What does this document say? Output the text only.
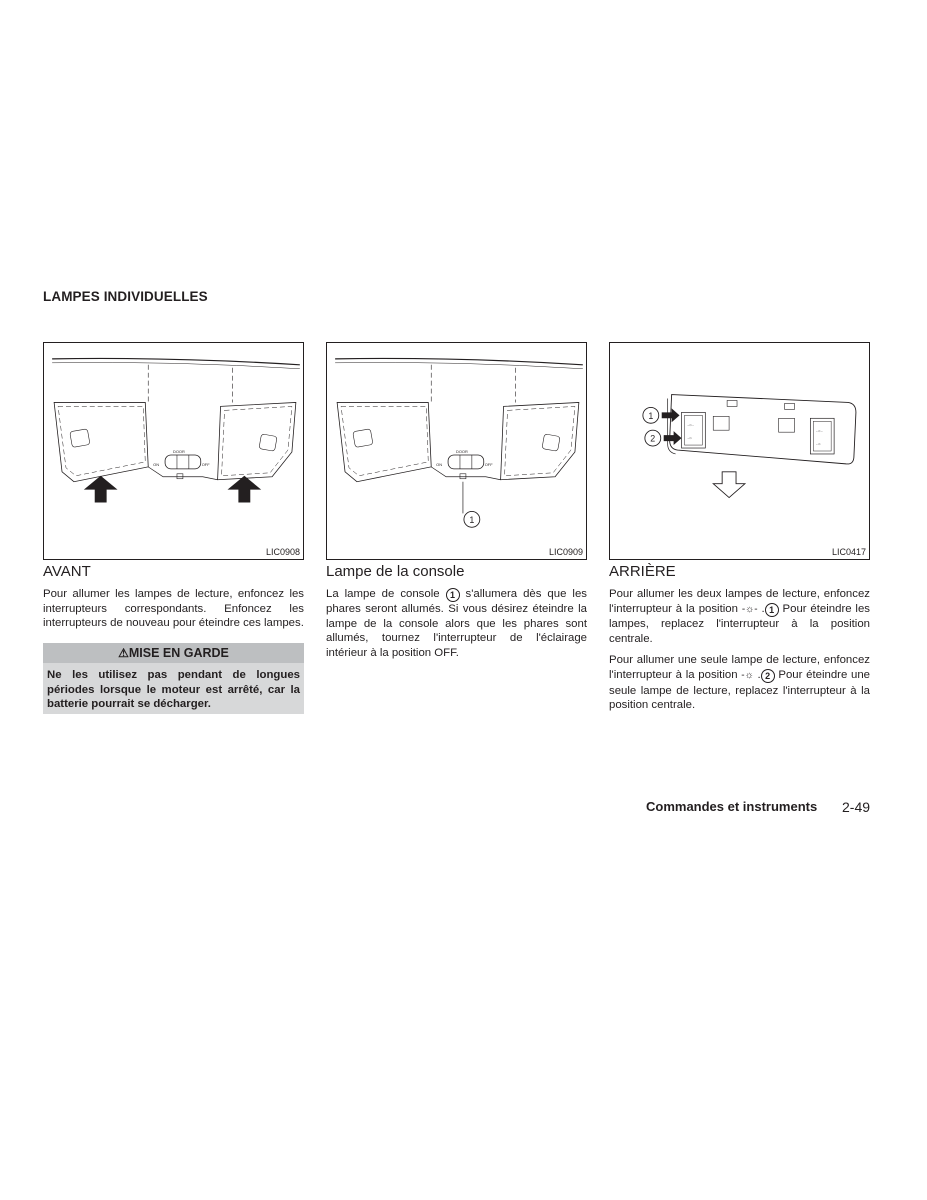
LAMPES INDIVIDUELLES
ON	OFF
DOOR
LIC0908
ON	OFF
DOOR
1
LIC0909
-☼-
-☼
-☼-
-☼
1
2
LIC0417
AVANT

Pour allumer les lampes de lecture, enfoncez les interrupteurs correspondants. Enfoncez les interrupteurs de nouveau pour éteindre ces lampes.

⚠MISE EN GARDE
Ne les utilisez pas pendant de longues périodes lorsque le moteur est arrêté, car la batterie pourrait se décharger.
Lampe de la console

La lampe de console 1 s'allumera dès que les phares seront allumés. Si vous désirez éteindre la lampe de la console alors que les phares sont allumés, tournez l'interrupteur de l'éclairage intérieur à la position OFF.

ARRIÈRE

Pour allumer les deux lampes de lecture, enfoncez l'interrupteur à la position -☼- . 1 Pour éteindre les lampes, replacez l'interrupteur à la position centrale.

Pour allumer une seule lampe de lecture, enfoncez l'interrupteur à la position -☼ . 2 Pour éteindre une seule lampe de lecture, replacez l'interrupteur à la position centrale.

Commandes et instruments 2-49
